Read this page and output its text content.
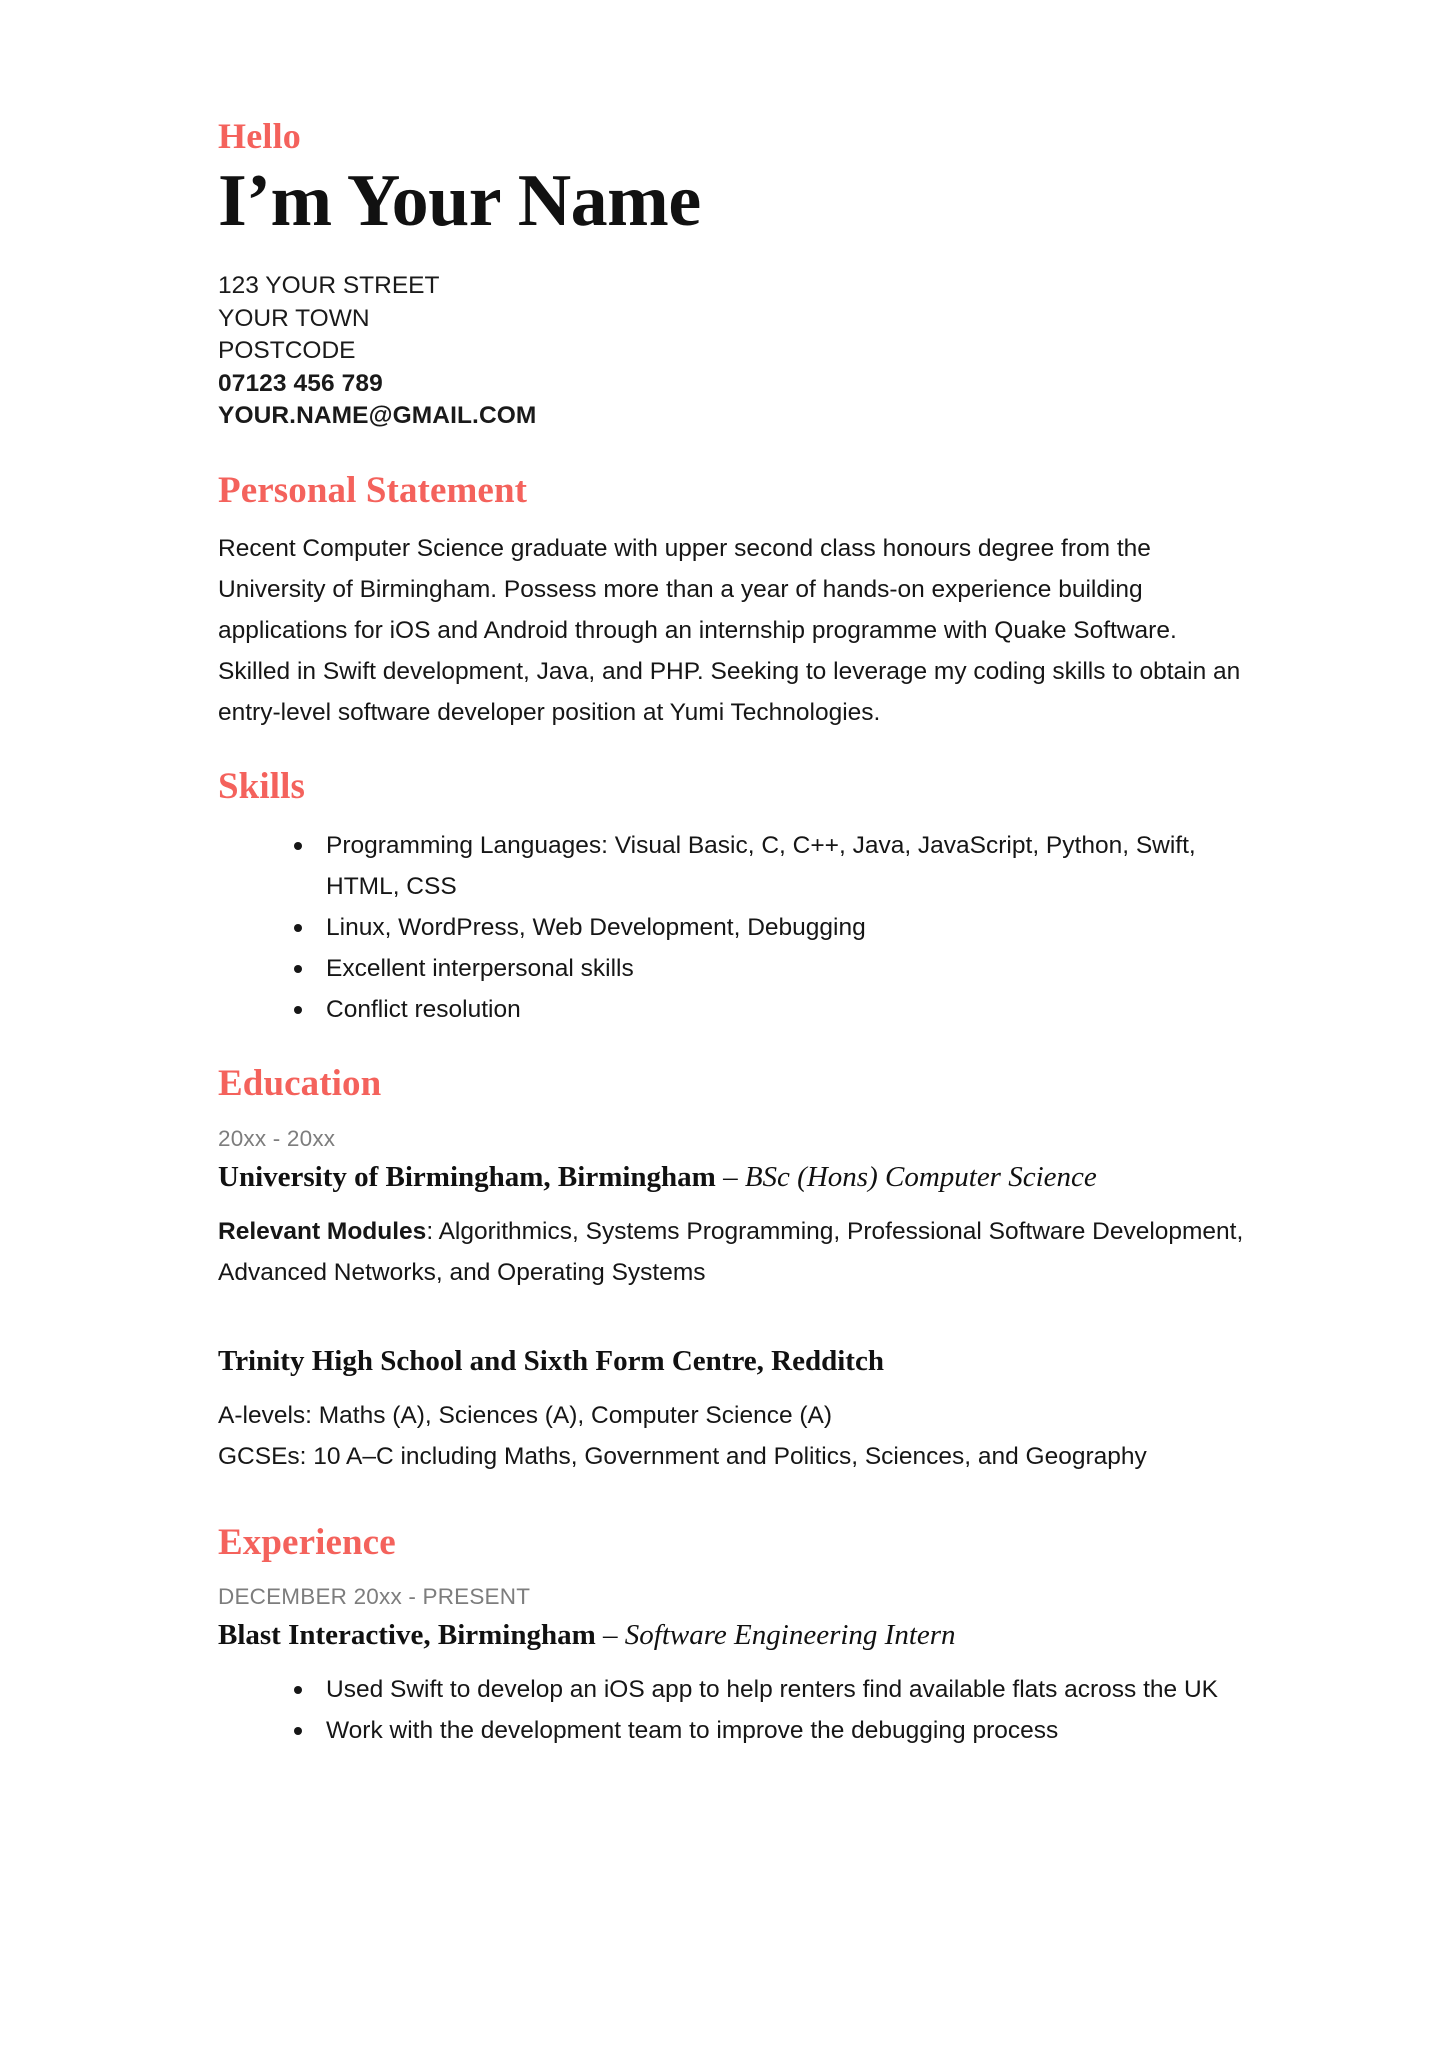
Hello
I’m Your Name
123 YOUR STREET
YOUR TOWN
POSTCODE
07123 456 789
YOUR.NAME@GMAIL.COM
Personal Statement

Recent Computer Science graduate with upper second class honours degree from the University of Birmingham. Possess more than a year of hands-on experience building applications for iOS and Android through an internship programme with Quake Software. Skilled in Swift development, Java, and PHP. Seeking to leverage my coding skills to obtain an entry-level software developer position at Yumi Technologies.

Skills
Programming Languages: Visual Basic, C, C++, Java, JavaScript, Python, Swift, HTML, CSS
Linux, WordPress, Web Development, Debugging
Excellent interpersonal skills
Conflict resolution
Education
20xx - 20xx
University of Birmingham, Birmingham – BSc (Hons) Computer Science

Relevant Modules: Algorithmics, Systems Programming, Professional Software Development, Advanced Networks, and Operating Systems

Trinity High School and Sixth Form Centre, Redditch

A-levels: Maths (A), Sciences (A), Computer Science (A)

GCSEs: 10 A–C including Maths, Government and Politics, Sciences, and Geography

Experience
DECEMBER 20xx - PRESENT
Blast Interactive, Birmingham – Software Engineering Intern
Used Swift to develop an iOS app to help renters find available flats across the UK
Work with the development team to improve the debugging process
